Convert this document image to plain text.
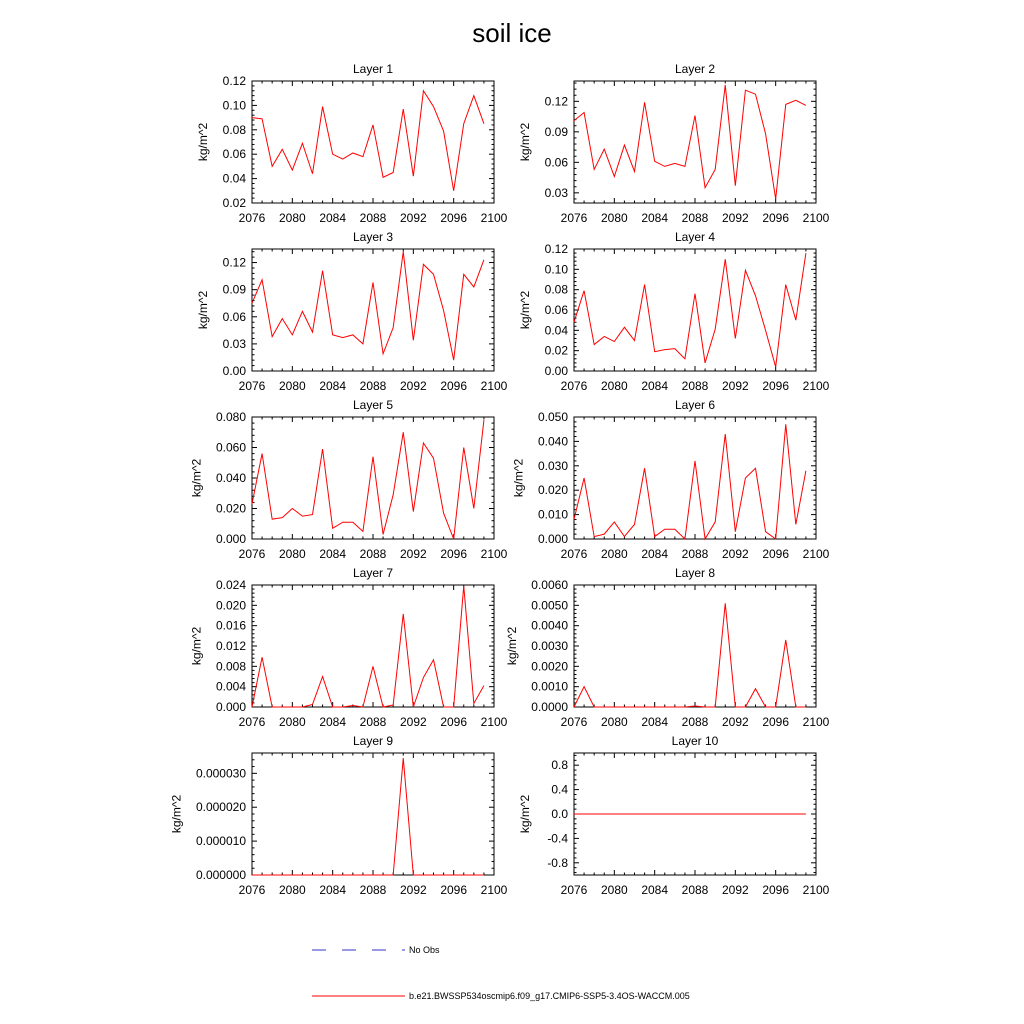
soil ice
Layer 1
2076 2080 2084 2088 2092 2096 2100
0.02
0.04
0.06
0.08
0.10
0.12
kg/m^2
Layer 2
2076 2080 2084 2088 2092 2096 2100
0.03
0.06
0.09
0.12
kg/m^2
Layer 3
2076 2080 2084 2088 2092 2096 2100
0.00
0.03
0.06
0.09
0.12
kg/m^2
Layer 4
2076 2080 2084 2088 2092 2096 2100
0.00
0.02
0.04
0.06
0.08
0.10
0.12
kg/m^2
Layer 5
2076 2080 2084 2088 2092 2096 2100
0.000
0.020
0.040
0.060
0.080
kg/m^2
Layer 6
2076 2080 2084 2088 2092 2096 2100
0.000
0.010
0.020
0.030
0.040
0.050
kg/m^2
Layer 7
2076 2080 2084 2088 2092 2096 2100
0.000
0.004
0.008
0.012
0.016
0.020
0.024
kg/m^2
Layer 8
2076 2080 2084 2088 2092 2096 2100
0.0000
0.0010
0.0020
0.0030
0.0040
0.0050
0.0060
kg/m^2
Layer 9
2076 2080 2084 2088 2092 2096 2100
0.000000
0.000010
0.000020
0.000030
kg/m^2
Layer 10
2076 2080 2084 2088 2092 2096 2100
-0.8
-0.4
0.0
0.4
0.8
kg/m^2
No Obs
b.e21.BWSSP534oscmip6.f09_g17.CMIP6-SSP5-3.4OS-WACCM.005
